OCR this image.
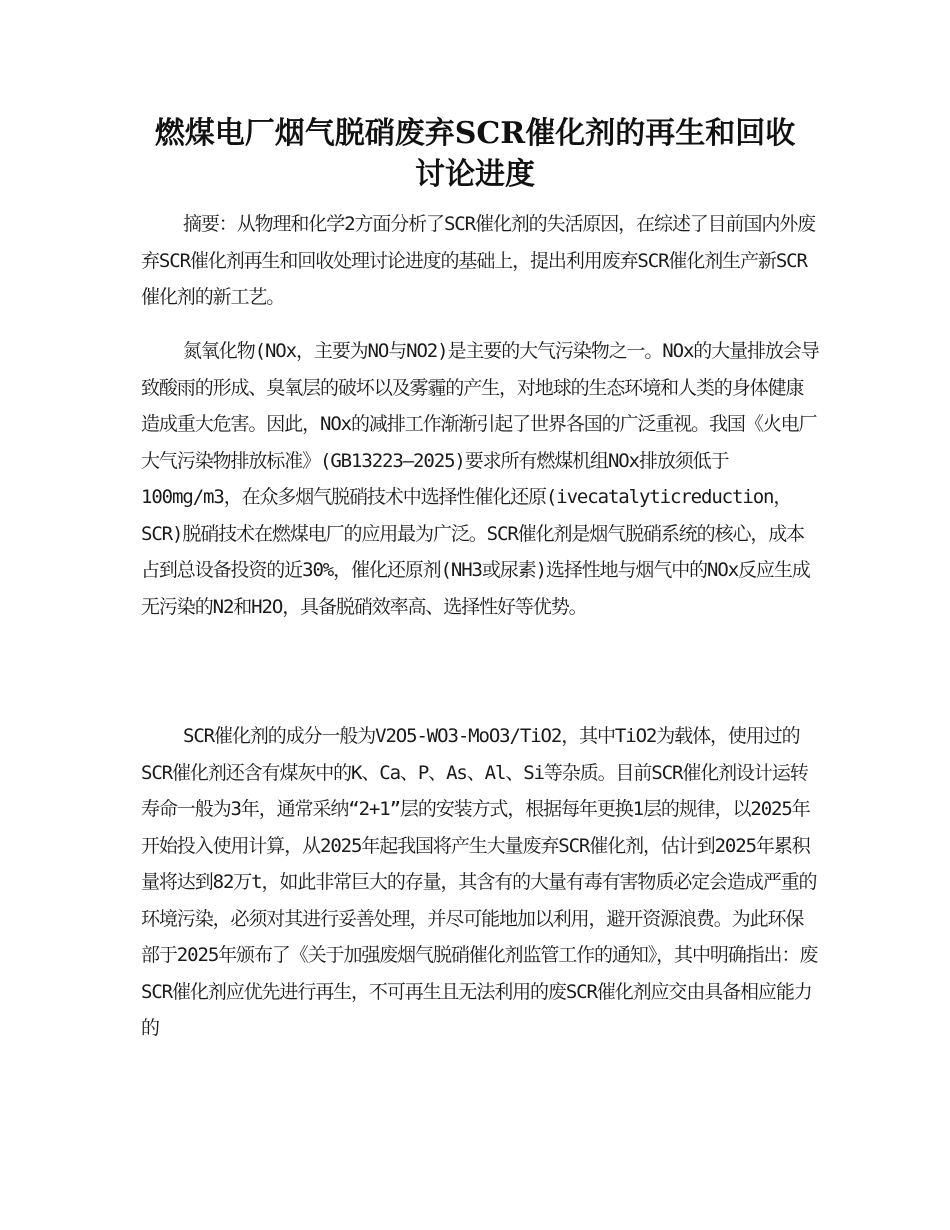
燃煤电厂烟气脱硝废弃SCR催化剂的再生和回收
讨论进度

摘要：从物理和化学2方面分析了SCR催化剂的失活原因，在综述了目前国内外废弃SCR催化剂再生和回收处理讨论进度的基础上，提出利用废弃SCR催化剂生产新SCR催化剂的新工艺。

氮氧化物(NOx，主要为NO与NO2)是主要的大气污染物之一。NOx的大量排放会导致酸雨的形成、臭氧层的破坏以及雾霾的产生，对地球的生态环境和人类的身体健康造成重大危害。因此，NOx的减排工作渐渐引起了世界各国的广泛重视。我国《火电厂大气污染物排放标准》(GB13223—2025)要求所有燃煤机组NOx排放须低于100mg/m3，在众多烟气脱硝技术中选择性催化还原(ivecatalyticreduction，SCR)脱硝技术在燃煤电厂的应用最为广泛。SCR催化剂是烟气脱硝系统的核心，成本占到总设备投资的近30%，催化还原剂(NH3或尿素)选择性地与烟气中的NOx反应生成无污染的N2和H2O，具备脱硝效率高、选择性好等优势。

SCR催化剂的成分一般为V2O5-WO3-MoO3/TiO2，其中TiO2为载体，使用过的SCR催化剂还含有煤灰中的K、Ca、P、As、Al、Si等杂质。目前SCR催化剂设计运转寿命一般为3年，通常采纳“2+1”层的安装方式，根据每年更换1层的规律，以2025年开始投入使用计算，从2025年起我国将产生大量废弃SCR催化剂，估计到2025年累积量将达到82万t，如此非常巨大的存量，其含有的大量有毒有害物质必定会造成严重的环境污染，必须对其进行妥善处理，并尽可能地加以利用，避开资源浪费。为此环保部于2025年颁布了《关于加强废烟气脱硝催化剂监管工作的通知》，其中明确指出：废SCR催化剂应优先进行再生，不可再生且无法利用的废SCR催化剂应交由具备相应能力的
